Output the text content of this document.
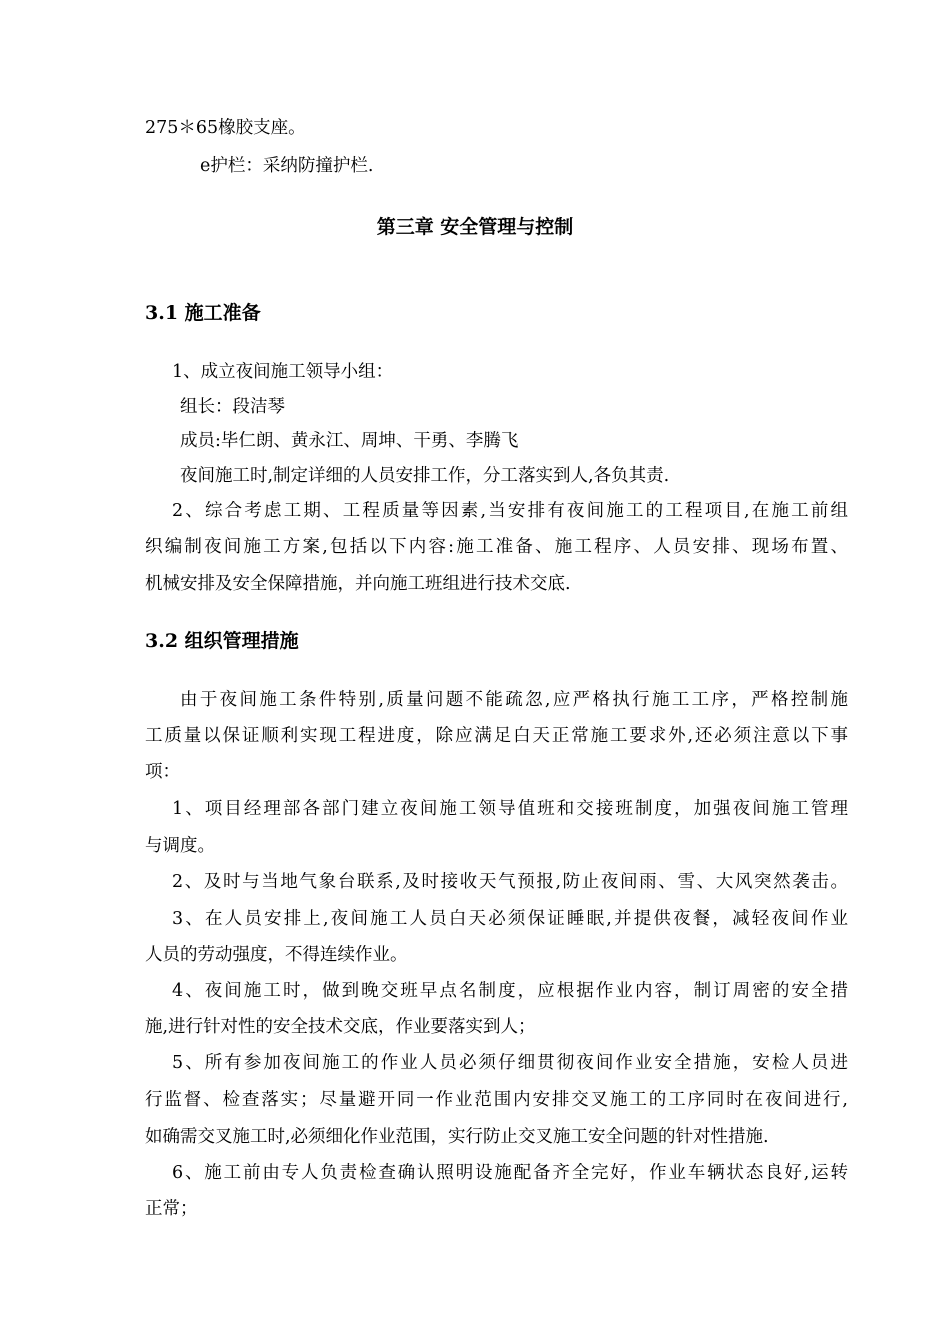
275＊65橡胶支座。
e护栏：采纳防撞护栏.
第三章 安全管理与控制
3.1 施工准备
1、成立夜间施工领导小组：
组长：段洁琴
成员:毕仁朗、黄永江、周坤、干勇、李腾飞
夜间施工时,制定详细的人员安排工作，分工落实到人,各负其责.
2、综合考虑工期、工程质量等因素,当安排有夜间施工的工程项目,在施工前组
织编制夜间施工方案,包括以下内容:施工准备、施工程序、人员安排、现场布置、
机械安排及安全保障措施，并向施工班组进行技术交底.
3.2 组织管理措施
由于夜间施工条件特别,质量问题不能疏忽,应严格执行施工工序，严格控制施
工质量以保证顺利实现工程进度，除应满足白天正常施工要求外,还必须注意以下事
项：
1、项目经理部各部门建立夜间施工领导值班和交接班制度，加强夜间施工管理
与调度。
2、及时与当地气象台联系,及时接收天气预报,防止夜间雨、雪、大风突然袭击。
3、在人员安排上,夜间施工人员白天必须保证睡眠,并提供夜餐，减轻夜间作业
人员的劳动强度，不得连续作业。
4、夜间施工时，做到晚交班早点名制度，应根据作业内容，制订周密的安全措
施,进行针对性的安全技术交底，作业要落实到人；
5、所有参加夜间施工的作业人员必须仔细贯彻夜间作业安全措施，安检人员进
行监督、检查落实；尽量避开同一作业范围内安排交叉施工的工序同时在夜间进行,
如确需交叉施工时,必须细化作业范围，实行防止交叉施工安全问题的针对性措施.
6、施工前由专人负责检查确认照明设施配备齐全完好，作业车辆状态良好,运转
正常；
